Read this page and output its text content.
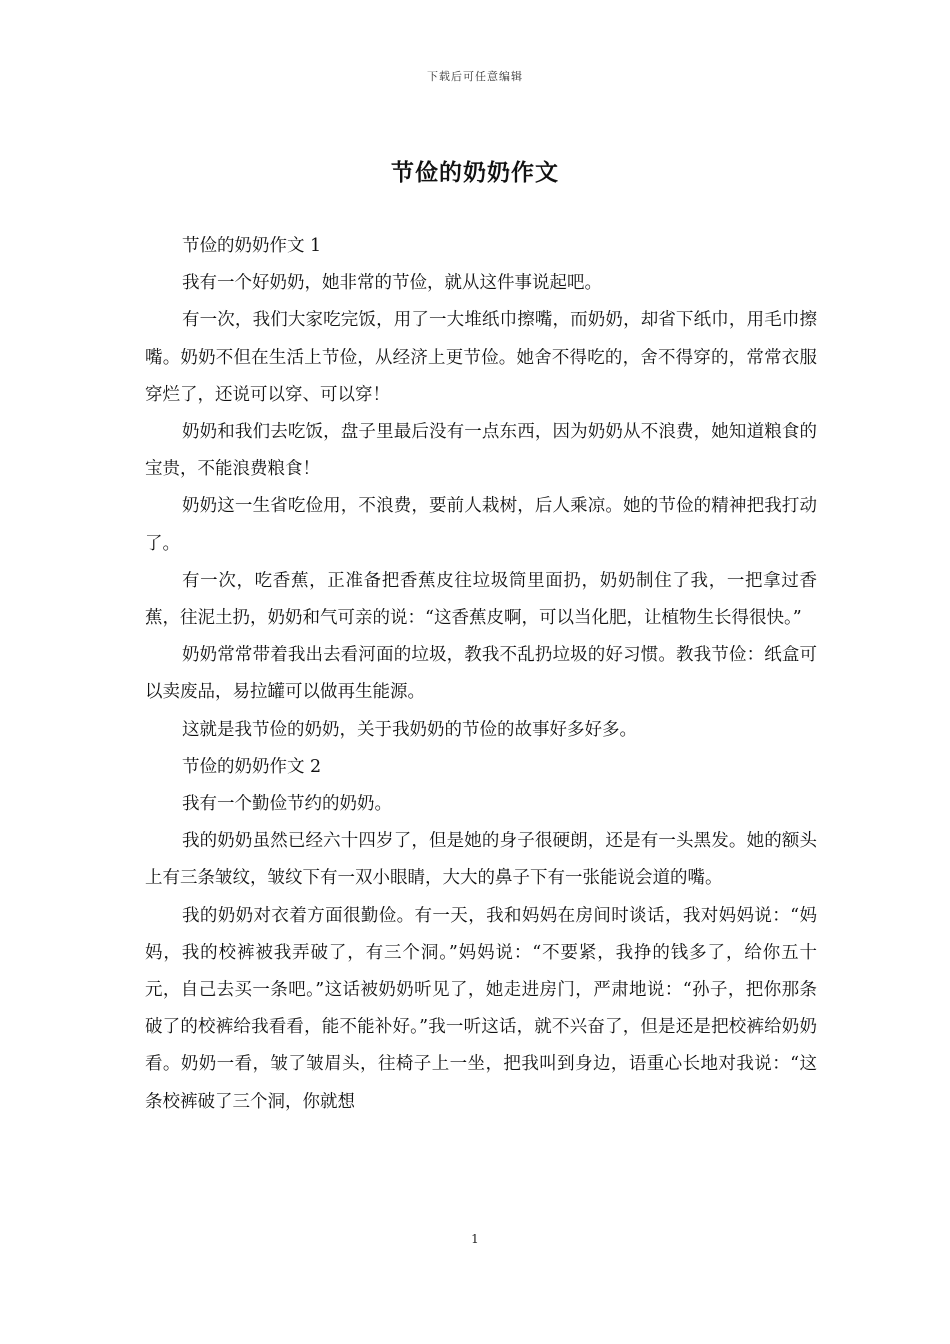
下载后可任意编辑
节俭的奶奶作文

节俭的奶奶作文 1

我有一个好奶奶，她非常的节俭，就从这件事说起吧。

有一次，我们大家吃完饭，用了一大堆纸巾擦嘴，而奶奶，却省下纸巾，用毛巾擦嘴。奶奶不但在生活上节俭，从经济上更节俭。她舍不得吃的，舍不得穿的，常常衣服穿烂了，还说可以穿、可以穿！

奶奶和我们去吃饭，盘子里最后没有一点东西，因为奶奶从不浪费，她知道粮食的宝贵，不能浪费粮食！

奶奶这一生省吃俭用，不浪费，要前人栽树，后人乘凉。她的节俭的精神把我打动了。

有一次，吃香蕉，正准备把香蕉皮往垃圾筒里面扔，奶奶制住了我，一把拿过香蕉，往泥土扔，奶奶和气可亲的说：“这香蕉皮啊，可以当化肥，让植物生长得很快。”

奶奶常常带着我出去看河面的垃圾，教我不乱扔垃圾的好习惯。教我节俭：纸盒可以卖废品，易拉罐可以做再生能源。

这就是我节俭的奶奶，关于我奶奶的节俭的故事好多好多。

节俭的奶奶作文 2

我有一个勤俭节约的奶奶。

我的奶奶虽然已经六十四岁了，但是她的身子很硬朗，还是有一头黑发。她的额头上有三条皱纹，皱纹下有一双小眼睛，大大的鼻子下有一张能说会道的嘴。

我的奶奶对衣着方面很勤俭。有一天，我和妈妈在房间时谈话，我对妈妈说：“妈妈，我的校裤被我弄破了，有三个洞。”妈妈说：“不要紧，我挣的钱多了，给你五十元，自己去买一条吧。”这话被奶奶听见了，她走进房门，严肃地说：“孙子，把你那条破了的校裤给我看看，能不能补好。”我一听这话，就不兴奋了，但是还是把校裤给奶奶看。奶奶一看，皱了皱眉头，往椅子上一坐，把我叫到身边，语重心长地对我说：“这条校裤破了三个洞，你就想

1
